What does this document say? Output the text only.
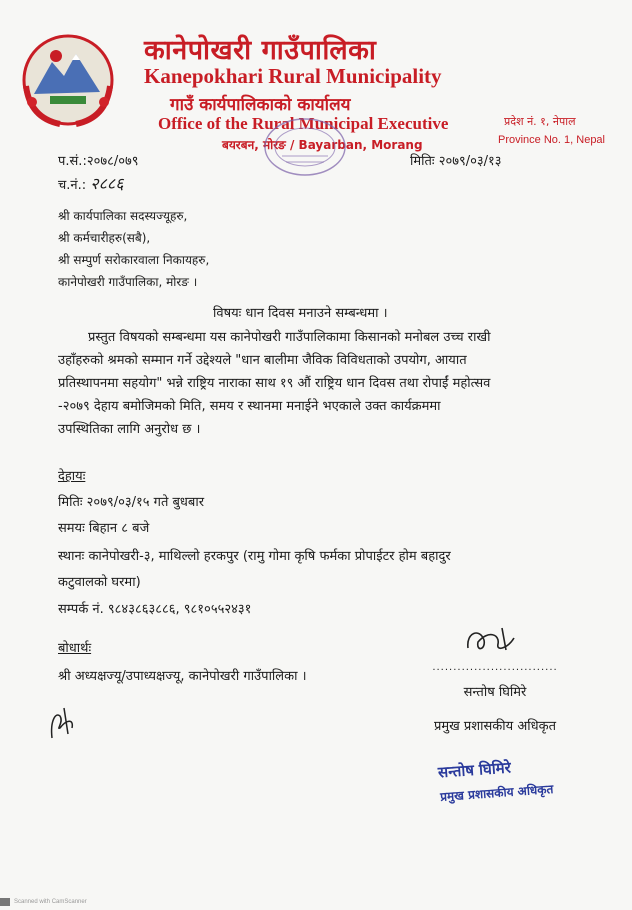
कानेपोखरी गाउँपालिका
Kanepokhari Rural Municipality
गाउँ कार्यपालिकाको कार्यालय
Office of the Rural Municipal Executive
बयरबन, मोरङ / Bayarban, Morang
प्रदेश नं. १, नेपाल
Province No. 1, Nepal
प.सं.:२०७८/०७९
च.नं.: २८८६
मितिः २०७९/०३/१३
श्री कार्यपालिका सदस्यज्यूहरु,
श्री कर्मचारीहरु(सबै),
श्री सम्पुर्ण सरोकारवाला निकायहरु,
कानेपोखरी गाउँपालिका, मोरङ ।
विषयः धान दिवस मनाउने सम्बन्धमा ।
प्रस्तुत विषयको सम्बन्धमा यस कानेपोखरी गाउँपालिकामा किसानको मनोबल उच्च राखी
उहाँहरुको श्रमको सम्मान गर्ने उद्देश्यले "धान बालीमा जैविक विविधताको उपयोग, आयात
प्रतिस्थापनमा सहयोग" भन्ने राष्ट्रिय नाराका साथ १९ औं राष्ट्रिय धान दिवस तथा रोपाईं महोत्सव
-२०७९ देहाय बमोजिमको मिति, समय र स्थानमा मनाईने भएकाले उक्त कार्यक्रममा
उपस्थितिका लागि अनुरोध छ ।
देहायः
मितिः २०७९/०३/१५ गते बुधबार
समयः बिहान ८ बजे
स्थानः कानेपोखरी-३, माथिल्लो हरकपुर (रामु गोमा कृषि फर्मका प्रोपाईटर होम बहादुर
कटुवालको घरमा)
सम्पर्क नं. ९८४३८६३८८६, ९८१०५५२४३१
बोधार्थः
श्री अध्यक्षज्यू/उपाध्यक्षज्यू, कानेपोखरी गाउँपालिका ।
..............................
सन्तोष घिमिरे
प्रमुख प्रशासकीय अधिकृत
सन्तोष घिमिरे
प्रमुख प्रशासकीय अधिकृत
Scanned with CamScanner
